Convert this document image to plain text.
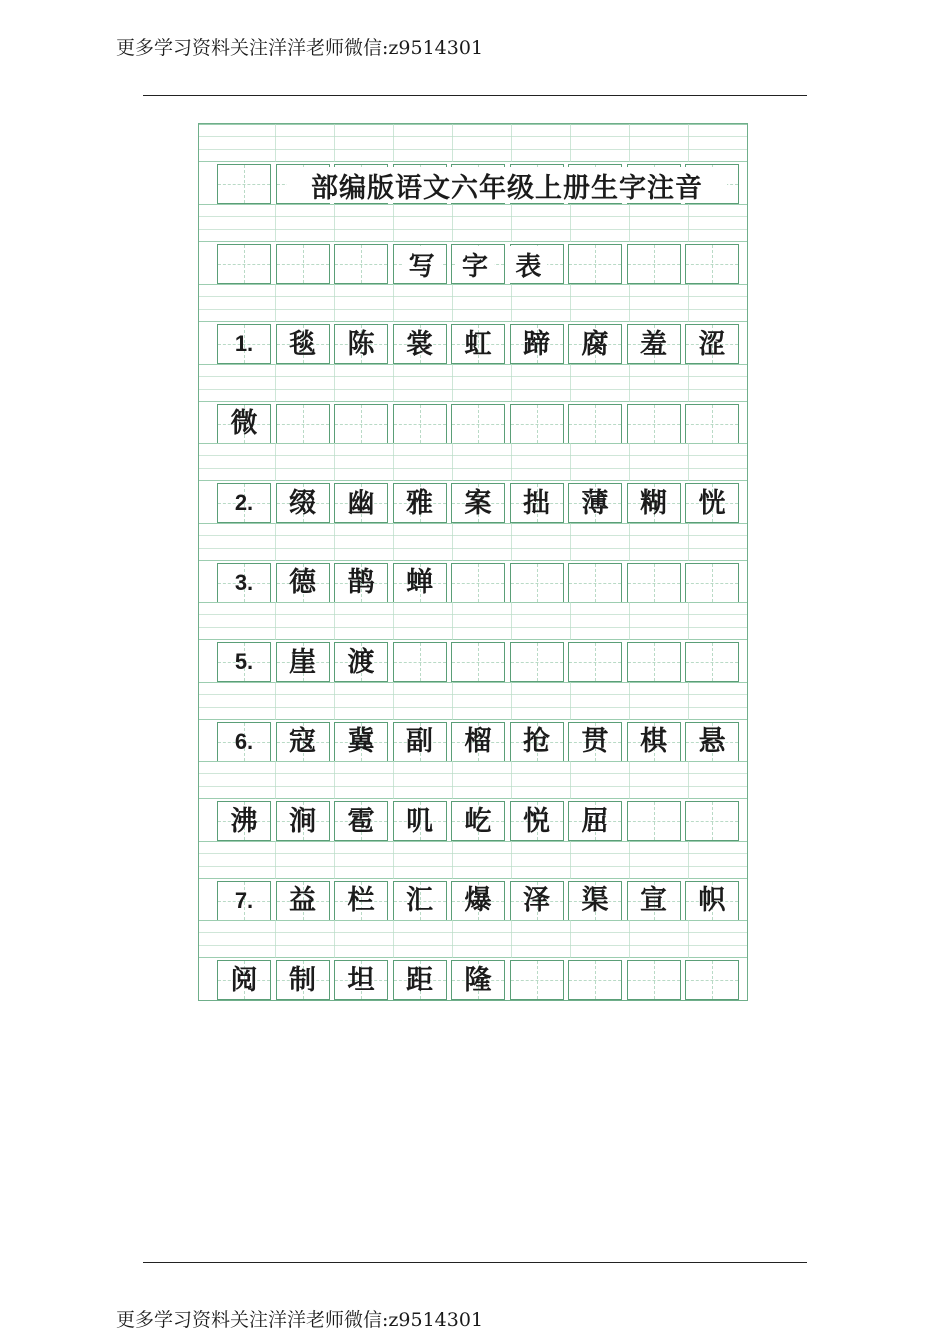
更多学习资料关注洋洋老师微信:z9514301
部编版语文六年级上册生字注音
写 字 表
1. 毯 陈 裳 虹 蹄 腐 羞 涩
微
2. 缀 幽 雅 案 拙 薄 糊 恍
3. 德 鹊 蝉
5. 崖 渡
6. 寇 冀 副 榴 抢 贯 棋 悬
沸 涧 雹 叽 屹 悦 屈
7. 益 栏 汇 爆 泽 渠 宣 帜
阅 制 坦 距 隆
更多学习资料关注洋洋老师微信:z9514301
